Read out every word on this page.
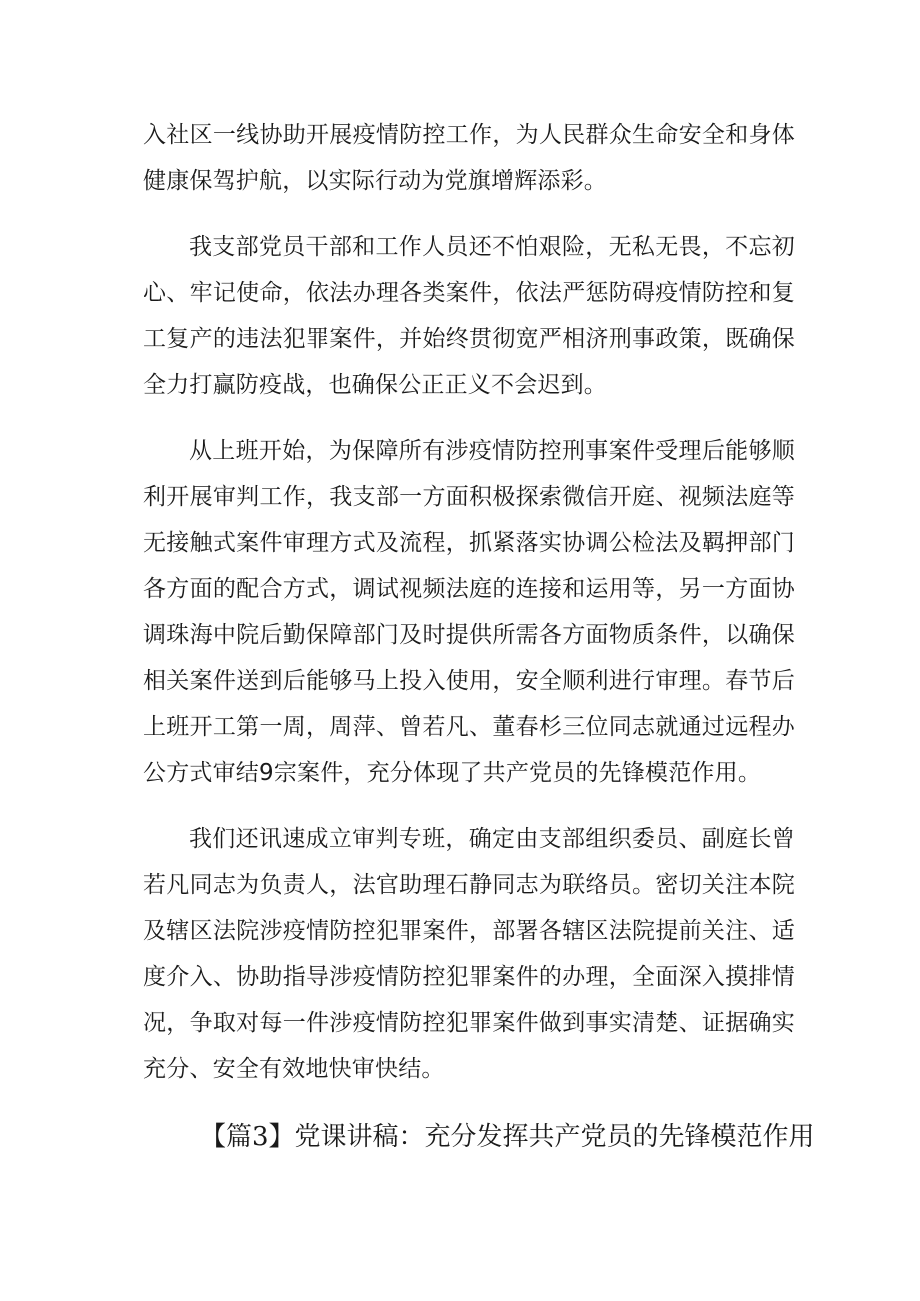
入社区一线协助开展疫情防控工作，为人民群众生命安全和身体健康保驾护航，以实际行动为党旗增辉添彩。

我支部党员干部和工作人员还不怕艰险，无私无畏，不忘初心、牢记使命，依法办理各类案件，依法严惩防碍疫情防控和复工复产的违法犯罪案件，并始终贯彻宽严相济刑事政策，既确保全力打赢防疫战，也确保公正正义不会迟到。

从上班开始，为保障所有涉疫情防控刑事案件受理后能够顺利开展审判工作，我支部一方面积极探索微信开庭、视频法庭等无接触式案件审理方式及流程，抓紧落实协调公检法及羁押部门各方面的配合方式，调试视频法庭的连接和运用等，另一方面协调珠海中院后勤保障部门及时提供所需各方面物质条件，以确保相关案件送到后能够马上投入使用，安全顺利进行审理。春节后上班开工第一周，周萍、曾若凡、董春杉三位同志就通过远程办公方式审结9宗案件，充分体现了共产党员的先锋模范作用。

我们还讯速成立审判专班，确定由支部组织委员、副庭长曾若凡同志为负责人，法官助理石静同志为联络员。密切关注本院及辖区法院涉疫情防控犯罪案件，部署各辖区法院提前关注、适度介入、协助指导涉疫情防控犯罪案件的办理，全面深入摸排情况，争取对每一件涉疫情防控犯罪案件做到事实清楚、证据确实充分、安全有效地快审快结。

【篇3】党课讲稿：充分发挥共产党员的先锋模范作用
